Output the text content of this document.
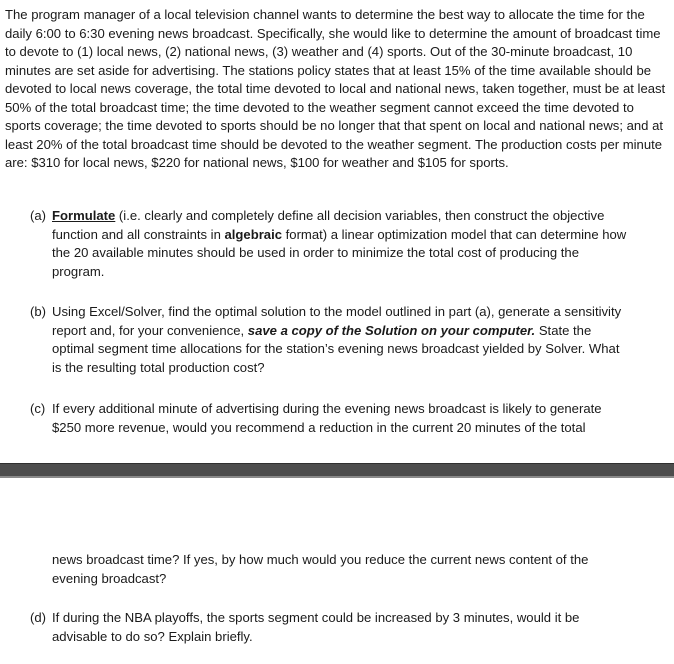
The program manager of a local television channel wants to determine the best way to allocate the time for the daily 6:00 to 6:30 evening news broadcast. Specifically, she would like to determine the amount of broadcast time to devote to (1) local news, (2) national news, (3) weather and (4) sports. Out of the 30-minute broadcast, 10 minutes are set aside for advertising. The stations policy states that at least 15% of the time available should be devoted to local news coverage, the total time devoted to local and national news, taken together, must be at least 50% of the total broadcast time; the time devoted to the weather segment cannot exceed the time devoted to sports coverage; the time devoted to sports should be no longer that that spent on local and national news; and at least 20% of the total broadcast time should be devoted to the weather segment. The production costs per minute are: $310 for local news, $220 for national news, $100 for weather and $105 for sports.

(a) Formulate (i.e. clearly and completely define all decision variables, then construct the objective function and all constraints in algebraic format) a linear optimization model that can determine how the 20 available minutes should be used in order to minimize the total cost of producing the program.
(b) Using Excel/Solver, find the optimal solution to the model outlined in part (a), generate a sensitivity report and, for your convenience, save a copy of the Solution on your computer. State the optimal segment time allocations for the station’s evening news broadcast yielded by Solver. What is the resulting total production cost?
(c) If every additional minute of advertising during the evening news broadcast is likely to generate $250 more revenue, would you recommend a reduction in the current 20 minutes of the total
news broadcast time? If yes, by how much would you reduce the current news content of the evening broadcast?
(d) If during the NBA playoffs, the sports segment could be increased by 3 minutes, would it be advisable to do so? Explain briefly.
